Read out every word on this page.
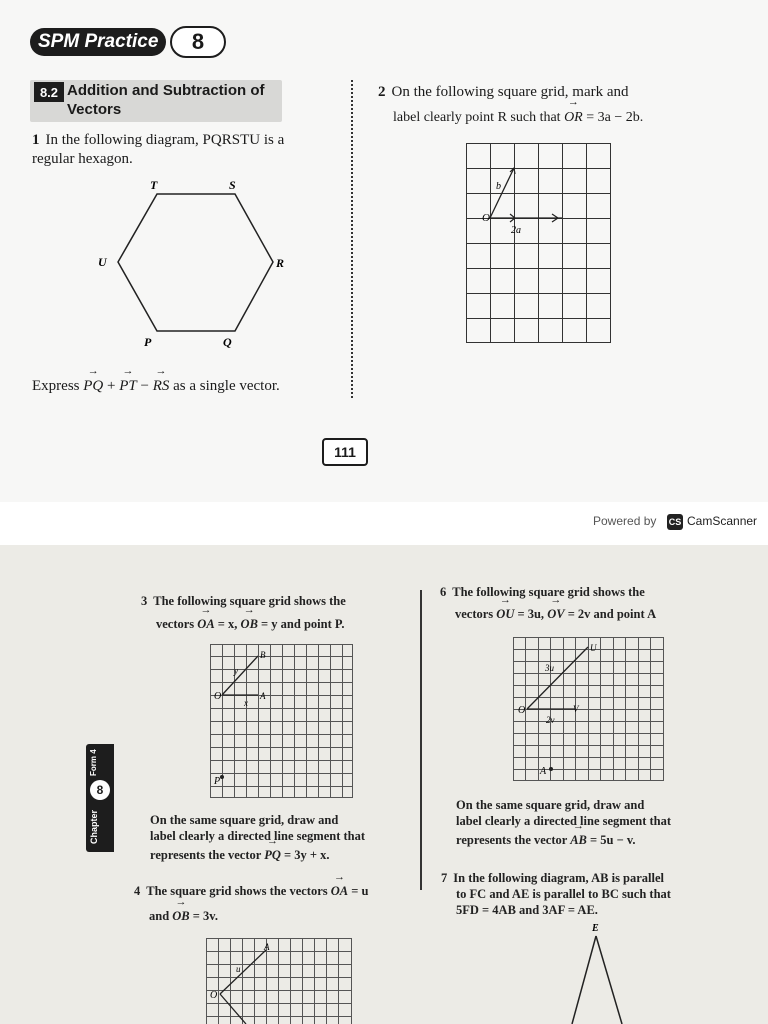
SPM Practice	8
8.2 Addition and Subtraction of Vectors
1 In the following diagram, PQRSTU is a regular hexagon.
T	S
U	R
P	Q
Express → PQ + → PT − → RS as a single vector.
2 On the following square grid, mark and
label clearly point R such that → OR = 3a − 2b.
b
O
2a
111
Powered by CS CamScanner
Chapter
8
Form 4
3 The following square grid shows the
vectors → OA = x, → OB = y and point P.
y
B
O	A
x
P
On the same square grid, draw and
label clearly a directed line segment that
represents the vector → PQ = 3y + x.
4 The square grid shows the vectors → OA = u
and → OB = 3v.
A
u
O
6 The following square grid shows the
vectors → OU = 3u, → OV = 2v and point A
U
3u
O	V
2v
A
On the same square grid, draw and
label clearly a directed line segment that
represents the vector → AB = 5u − v.
7 In the following diagram, AB is parallel
to FC and AE is parallel to BC such that
5FD = 4AB and 3AF = AE.
E
